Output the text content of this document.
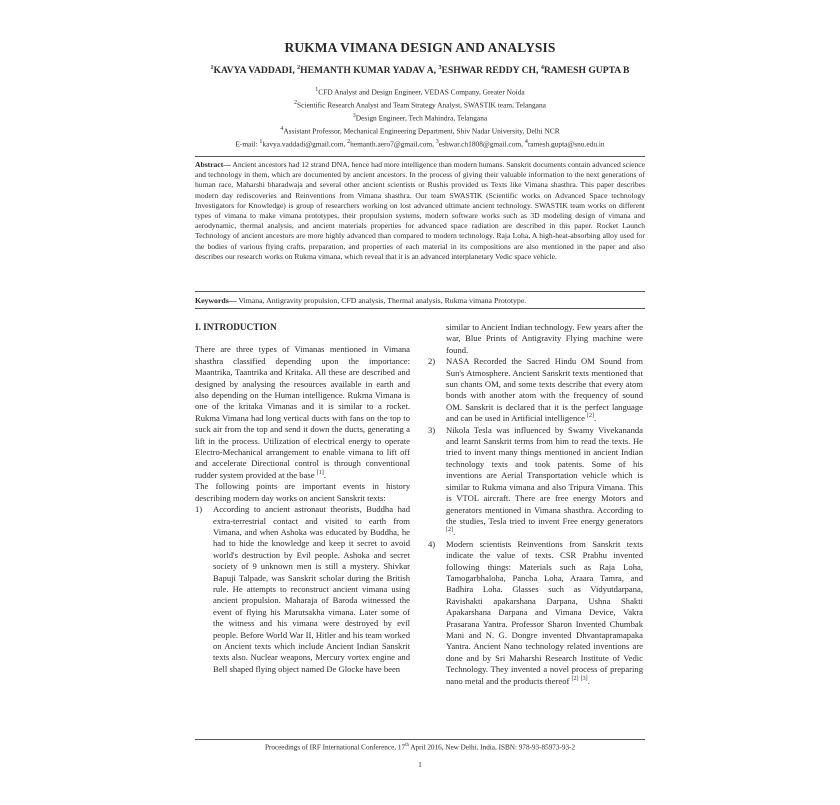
RUKMA VIMANA DESIGN AND ANALYSIS
$^1$KAVYA VADDADI, $^2$HEMANTH KUMAR YADAV A, $^3$ESHWAR REDDY CH, $^4$RAMESH GUPTA B
$^1$CFD Analyst and Design Engineer, VEDAS Company, Greater Noida
$^2$Scientific Research Analyst and Team Strategy Analyst, SWASTIK team, Telangana
$^3$Design Engineer, Tech Mahindra, Telangana
$^4$Assistant Professor, Mechanical Engineering Department, Shiv Nadar University, Delhi NCR
E-mail: $^1$kavya.vaddadi@gmail.com, $^2$hemanth.aero7@gmail.com, $^3$eshwar.ch1808@gmail.com, $^4$ramesh.gupta@snu.edu.in
Abstract— Ancient ancestors had 12 strand DNA, hence had more intelligence than modern humans. Sanskrit documents contain advanced science and technology in them, which are documented by ancient ancestors. In the process of giving their valuable information to the next generations of human race, Maharshi bharadwaja and several other ancient scientists or Rushis provided us Texts like Vimana shasthra. This paper describes modern day rediscoveries and Reinventions from Vimana shasthra. Our team SWASTIK (Scientific works on Advanced Space technology Investigators for Knowledge) is group of researchers working on lost advanced ultimate ancient technology. SWASTIK team works on different types of vimana to make vimana prototypes, their propulsion systems, modern software works such as 3D modeling design of vimana and aerodynamic, thermal analysis, and ancient materials properties for advanced space radiation are described in this paper. Rocket Launch Technology of ancient ancestors are more highly advanced than compared to modern technology. Raja Loha, A high-heat-absorbing alloy used for the bodies of various flying crafts, preparation, and properties of each material in its compositions are also mentioned in the paper and also describes our research works on Rukma vimana, which reveal that it is an advanced interplanetary Vedic space vehicle.
Keywords— Vimana, Antigravity propulsion, CFD analysis, Thermal analysis, Rukma vimana Prototype.
I. INTRODUCTION

There are three types of Vimanas mentioned in Vimana shasthra classified depending upon the importance: Maantrika, Taantrika and Kritaka. All these are described and designed by analysing the resources available in earth and also depending on the Human intelligence. Rukma Vimana is one of the kritaka Vimanas and it is similar to a rocket. Rukma Vimana had long vertical ducts with fans on the top to suck air from the top and send it down the ducts, generating a lift in the process. Utilization of electrical energy to operate Electro-Mechanical arrangement to enable vimana to lift off and accelerate Directional control is through conventional rudder system provided at the base [1].

The following points are important events in history describing modern day works on ancient Sanskrit texts:

1) According to ancient astronaut theorists, Buddha had extra-terrestrial contact and visited to earth from Vimana, and when Ashoka was educated by Buddha, he had to hide the knowledge and keep it secret to avoid world's destruction by Evil people. Ashoka and secret society of 9 unknown men is still a mystery. Shivkar Bapuji Talpade, was Sanskrit scholar during the British rule. He attempts to reconstruct ancient vimana using ancient propulsion. Maharaja of Baroda witnessed the event of flying his Marutsakha vimana. Later some of the witness and his vimana were destroyed by evil people. Before World War II, Hitler and his team worked on Ancient texts which include Ancient Indian Sanskrit texts also. Nuclear weapons, Mercury vortex engine and Bell shaped flying object named De Glocke have been
similar to Ancient Indian technology. Few years after the war, Blue Prints of Antigravity Flying machine were found.
2) NASA Recorded the Sacred Hindu OM Sound from Sun's Atmosphere. Ancient Sanskrit texts mentioned that sun chants OM, and some texts describe that every atom bonds with another atom with the frequency of sound OM. Sanskrit is declared that it is the perfect language and can be used in Artificial intelligence [2].
3) Nikola Tesla was influenced by Swamy Vivekananda and learnt Sanskrit terms from him to read the texts. He tried to invent many things mentioned in ancient Indian technology texts and took patents. Some of his inventions are Aerial Transportation vehicle which is similar to Rukma vimana and also Tripura Vimana. This is VTOL aircraft. There are free energy Motors and generators mentioned in Vimana shasthra. According to the studies, Tesla tried to invent Free energy generators [2].
4) Modern scientists Reinventions from Sanskrit texts indicate the value of texts. CSR Prabhu invented following things: Materials such as Raja Loha, Tamogarbhaloha, Pancha Loha, Araara Tamra, and Badhira Loha. Glasses such as Vidyutdarpana, Ravishakti apakarshana Darpana, Ushna Shakti Apakarshana Darpana and Vimana Device, Vakra Prasarana Yantra. Professor Sharon Invented Chumbak Mani and N. G. Dongre invented Dhvantapramapaka Yantra. Ancient Nano technology related inventions are done and by Sri Maharshi Research Institute of Vedic Technology. They invented a novel process of preparing nano metal and the products thereof [2] [3].
Proceedings of IRF International Conference, 17th April 2016, New Delhi, India, ISBN: 978-93-85973-93-2
1
